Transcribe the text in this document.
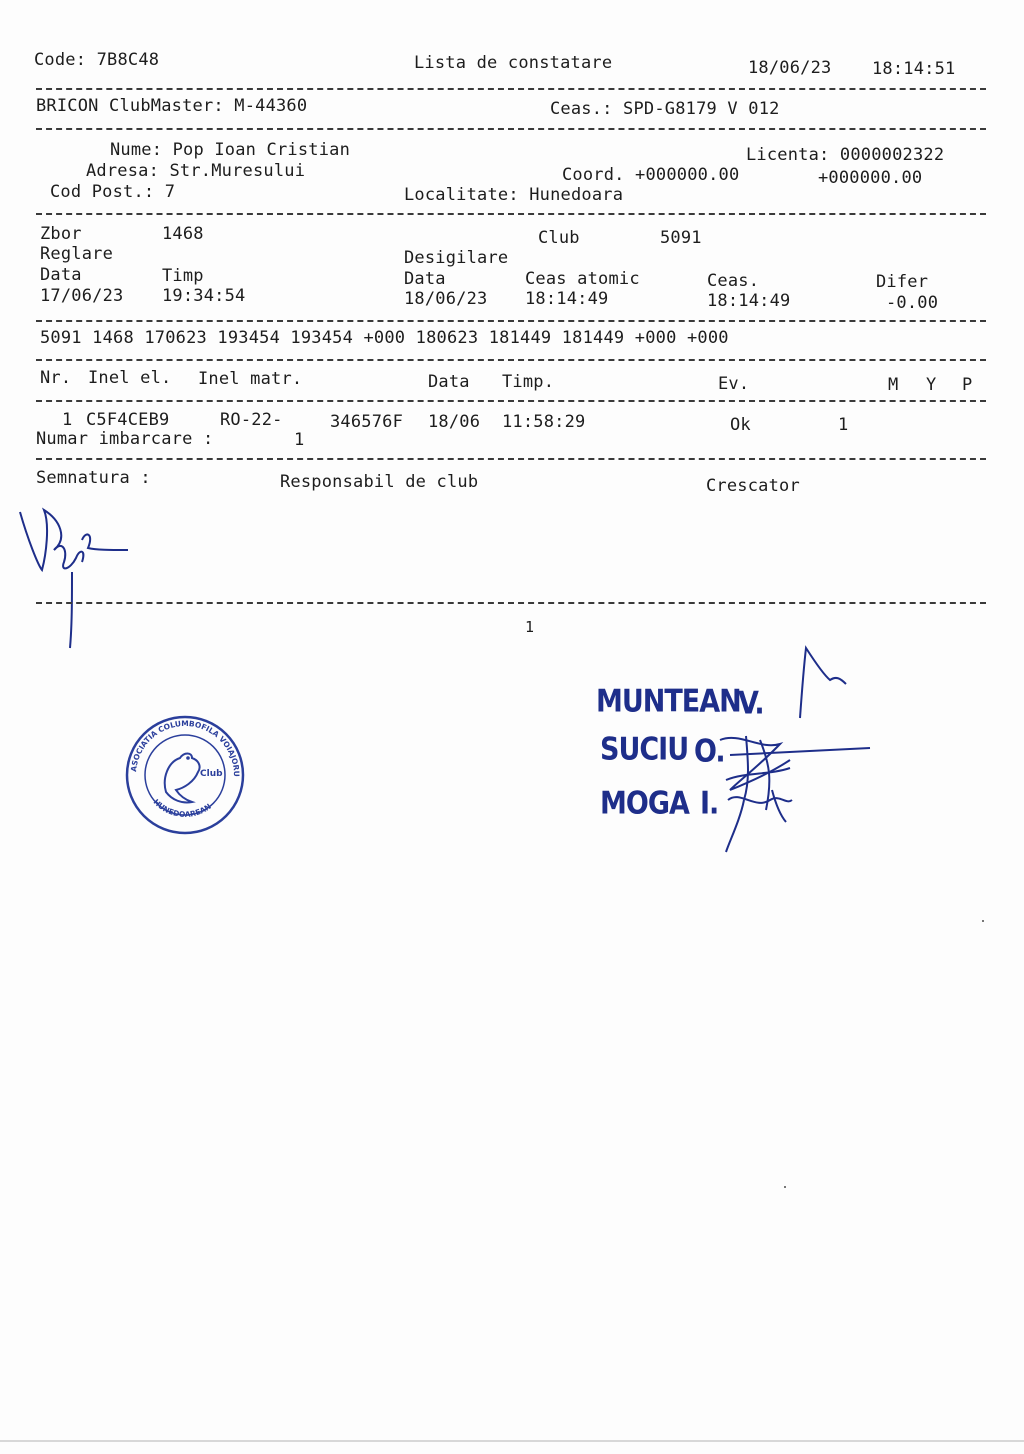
Code: 7B8C48	Lista de constatare	18/06/23 18:14:51
BRICON ClubMaster: M-44360	Ceas.: SPD-G8179 V 012
Nume: Pop Ioan Cristian	Licenta: 0000002322
Adresa: Str.Muresului	Coord. +000000.00	+000000.00
Cod Post.: 7	Localitate: Hunedoara
Zbor	1468	Club	5091
Reglare	Desigilare
Data	Timp	Data	Ceas atomic	Ceas.	Difer
17/06/23 19:34:54	18/06/23 18:14:49	18:14:49	-0.00
5091 1468 170623 193454 193454 +000 180623 181449 181449 +000 +000
Nr. Inel el. Inel matr.	Data Timp.	Ev.	M Y P
1 C5F4CEB9	RO-22-	346576F 18/06 11:58:29	Ok	1
Numar imbarcare :	1
Semnatura :	Responsabil de club	Crescator
1
ASOCIATIA COLUMBOFILA VOIAJORUL
HUNEDOAREAN
Club
MUNTEAN
V.
SUCIU O.
MOGA I.
